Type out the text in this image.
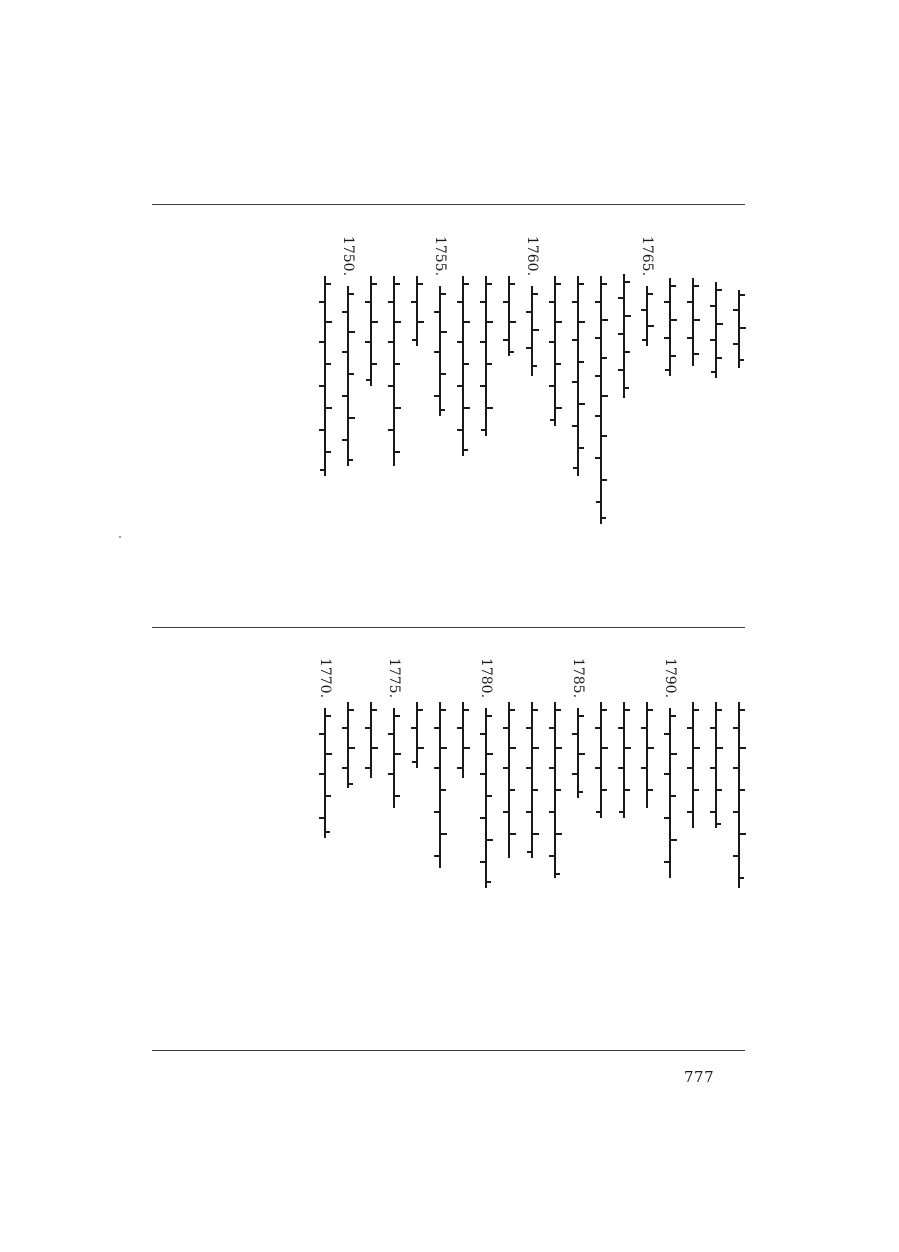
1765.
1760.
1755.
1750.
1790.
1785.
1780.
1775.
1770.
777
